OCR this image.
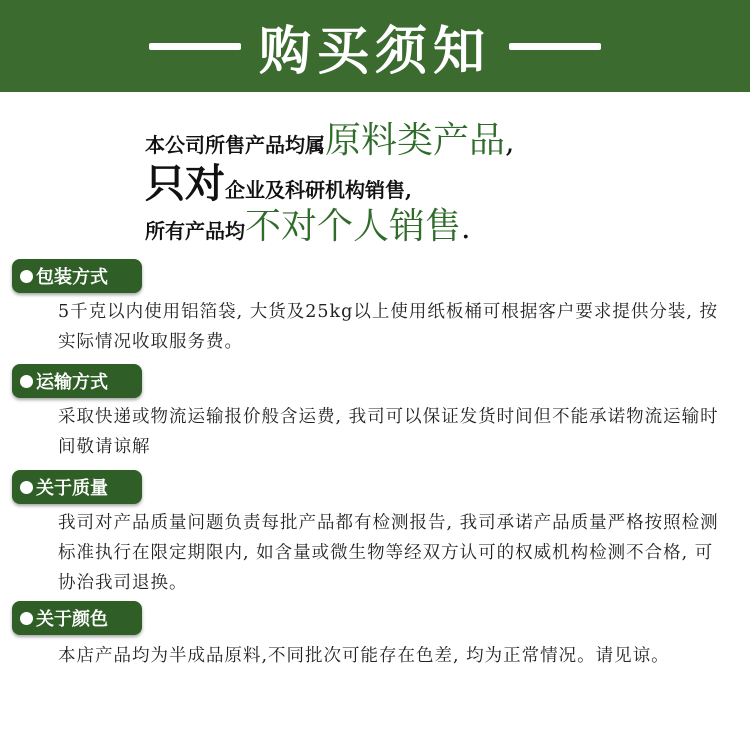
购买须知
本公司所售产品均属原料类产品,
只对企业及科研机构销售,
所有产品均不对个人销售.
包装方式
5千克以内使用铝箔袋, 大货及25kg以上使用纸板桶可根据客户要求提供分装, 按实际情况收取服务费。
运输方式
采取快递或物流运输报价般含运费, 我司可以保证发货时间但不能承诺物流运输时间敬请谅解
关于质量
我司对产品质量问题负责每批产品都有检测报告, 我司承诺产品质量严格按照检测标准执行在限定期限内, 如含量或微生物等经双方认可的权威机构检测不合格, 可协治我司退换。
关于颜色
本店产品均为半成品原料,不同批次可能存在色差, 均为正常情况。请见谅。
